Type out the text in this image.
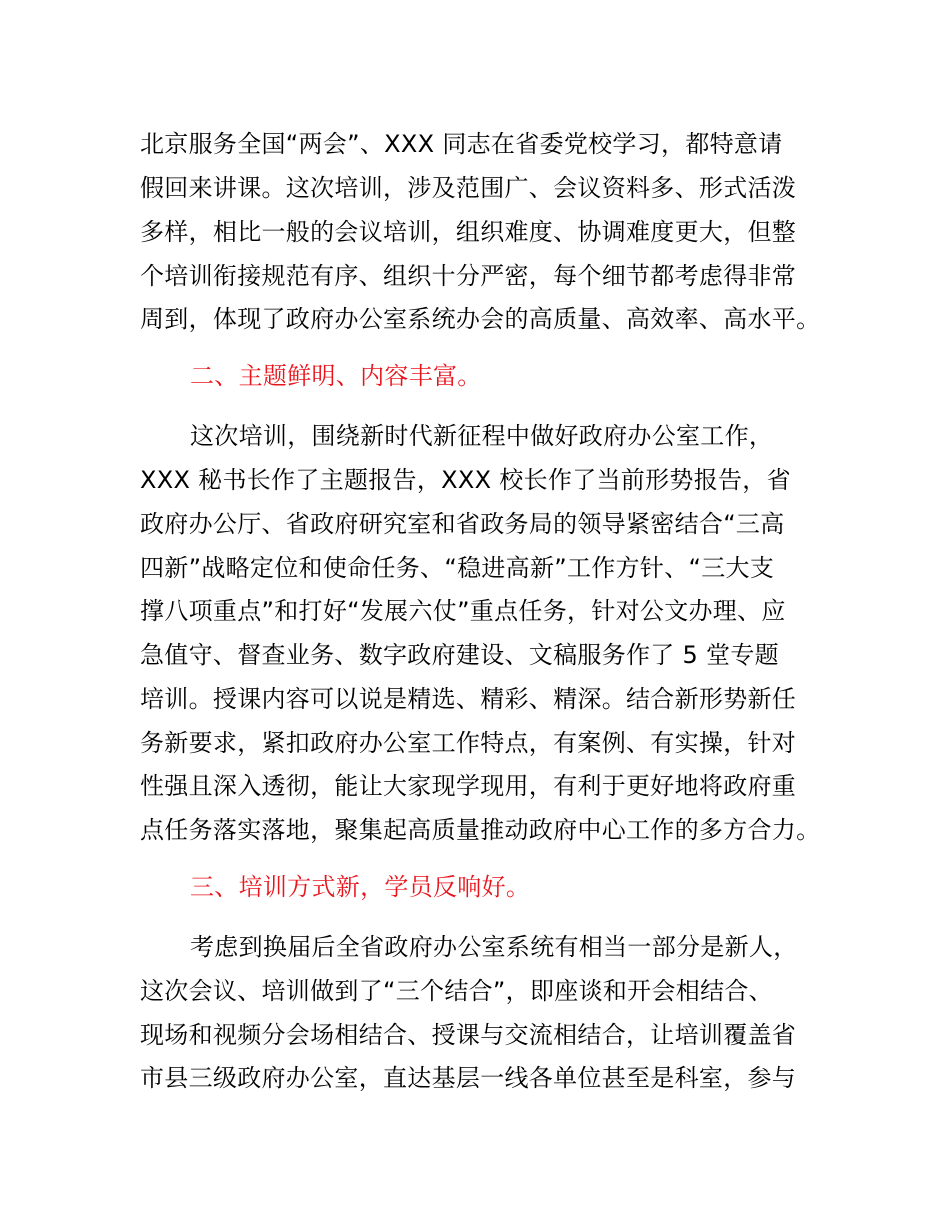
北京服务全国“两会”、XXX 同志在省委党校学习，都特意请
假回来讲课。这次培训，涉及范围广、会议资料多、形式活泼
多样，相比一般的会议培训，组织难度、协调难度更大，但整
个培训衔接规范有序、组织十分严密，每个细节都考虑得非常
周到，体现了政府办公室系统办会的高质量、高效率、高水平。
二、主题鲜明、内容丰富。
这次培训，围绕新时代新征程中做好政府办公室工作，
XXX 秘书长作了主题报告，XXX 校长作了当前形势报告，省
政府办公厅、省政府研究室和省政务局的领导紧密结合“三高
四新”战略定位和使命任务、“稳进高新”工作方针、“三大支
撑八项重点”和打好“发展六仗”重点任务，针对公文办理、应
急值守、督查业务、数字政府建设、文稿服务作了 5 堂专题
培训。授课内容可以说是精选、精彩、精深。结合新形势新任
务新要求，紧扣政府办公室工作特点，有案例、有实操，针对
性强且深入透彻，能让大家现学现用，有利于更好地将政府重
点任务落实落地，聚集起高质量推动政府中心工作的多方合力。
三、培训方式新，学员反响好。
考虑到换届后全省政府办公室系统有相当一部分是新人，
这次会议、培训做到了“三个结合”，即座谈和开会相结合、
现场和视频分会场相结合、授课与交流相结合，让培训覆盖省
市县三级政府办公室，直达基层一线各单位甚至是科室，参与
